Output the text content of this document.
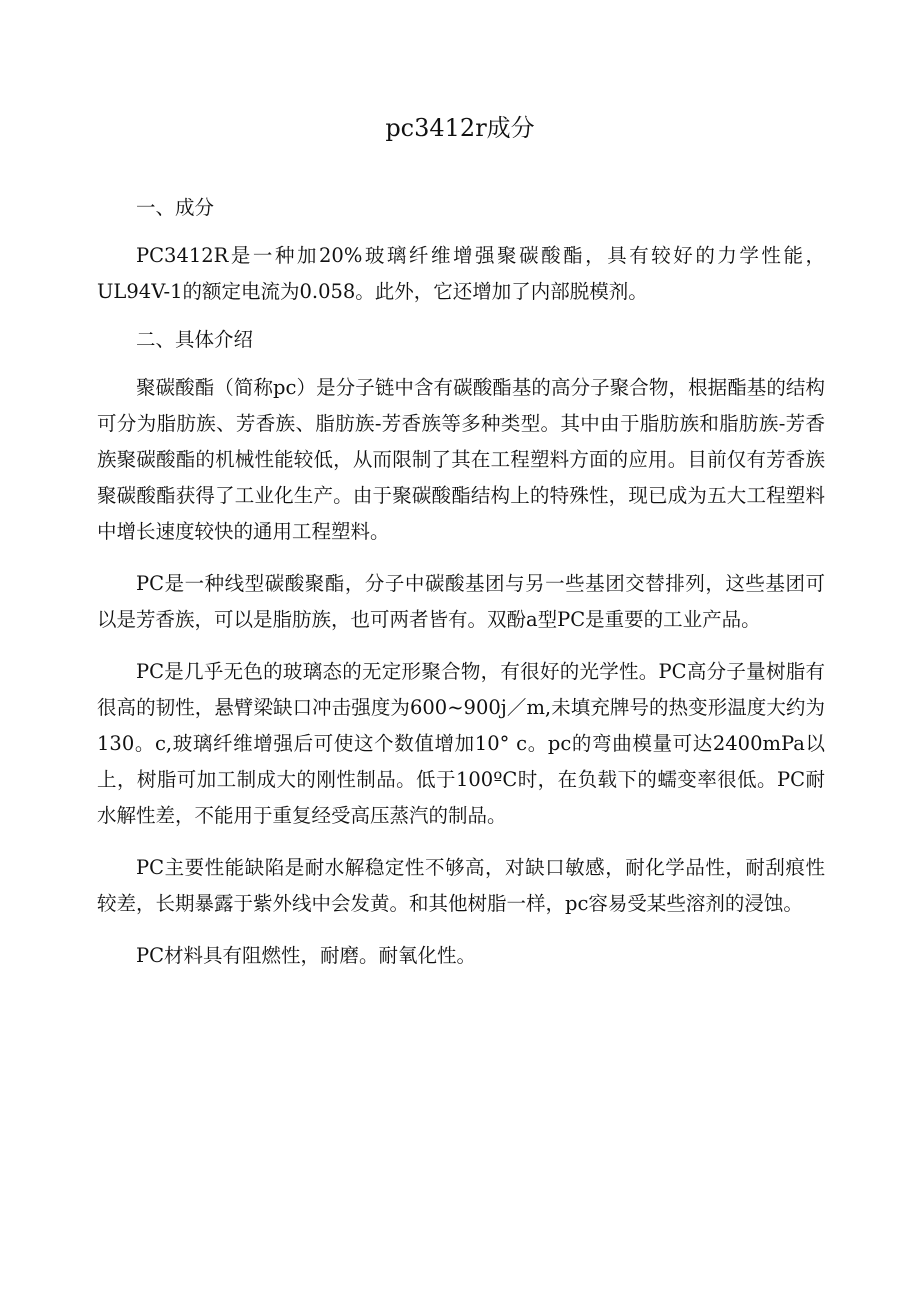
pc3412r成分

一、成分

PC3412R是一种加20%玻璃纤维增强聚碳酸酯，具有较好的力学性能，UL94V-1的额定电流为0.058。此外，它还增加了内部脱模剂。

二、具体介绍

聚碳酸酯（简称pc）是分子链中含有碳酸酯基的高分子聚合物，根据酯基的结构可分为脂肪族、芳香族、脂肪族-芳香族等多种类型。其中由于脂肪族和脂肪族-芳香族聚碳酸酯的机械性能较低，从而限制了其在工程塑料方面的应用。目前仅有芳香族聚碳酸酯获得了工业化生产。由于聚碳酸酯结构上的特殊性，现已成为五大工程塑料中增长速度较快的通用工程塑料。

PC是一种线型碳酸聚酯，分子中碳酸基团与另一些基团交替排列，这些基团可以是芳香族，可以是脂肪族，也可两者皆有。双酚a型PC是重要的工业产品。

PC是几乎无色的玻璃态的无定形聚合物，有很好的光学性。PC高分子量树脂有很高的韧性，悬臂梁缺口冲击强度为600~900j／m,未填充牌号的热变形温度大约为130。c,玻璃纤维增强后可使这个数值增加10° c。pc的弯曲模量可达2400mPa以上，树脂可加工制成大的刚性制品。低于100ºC时，在负载下的蠕变率很低。PC耐水解性差，不能用于重复经受高压蒸汽的制品。

PC主要性能缺陷是耐水解稳定性不够高，对缺口敏感，耐化学品性，耐刮痕性较差，长期暴露于紫外线中会发黄。和其他树脂一样，pc容易受某些溶剂的浸蚀。

PC材料具有阻燃性，耐磨。耐氧化性。
